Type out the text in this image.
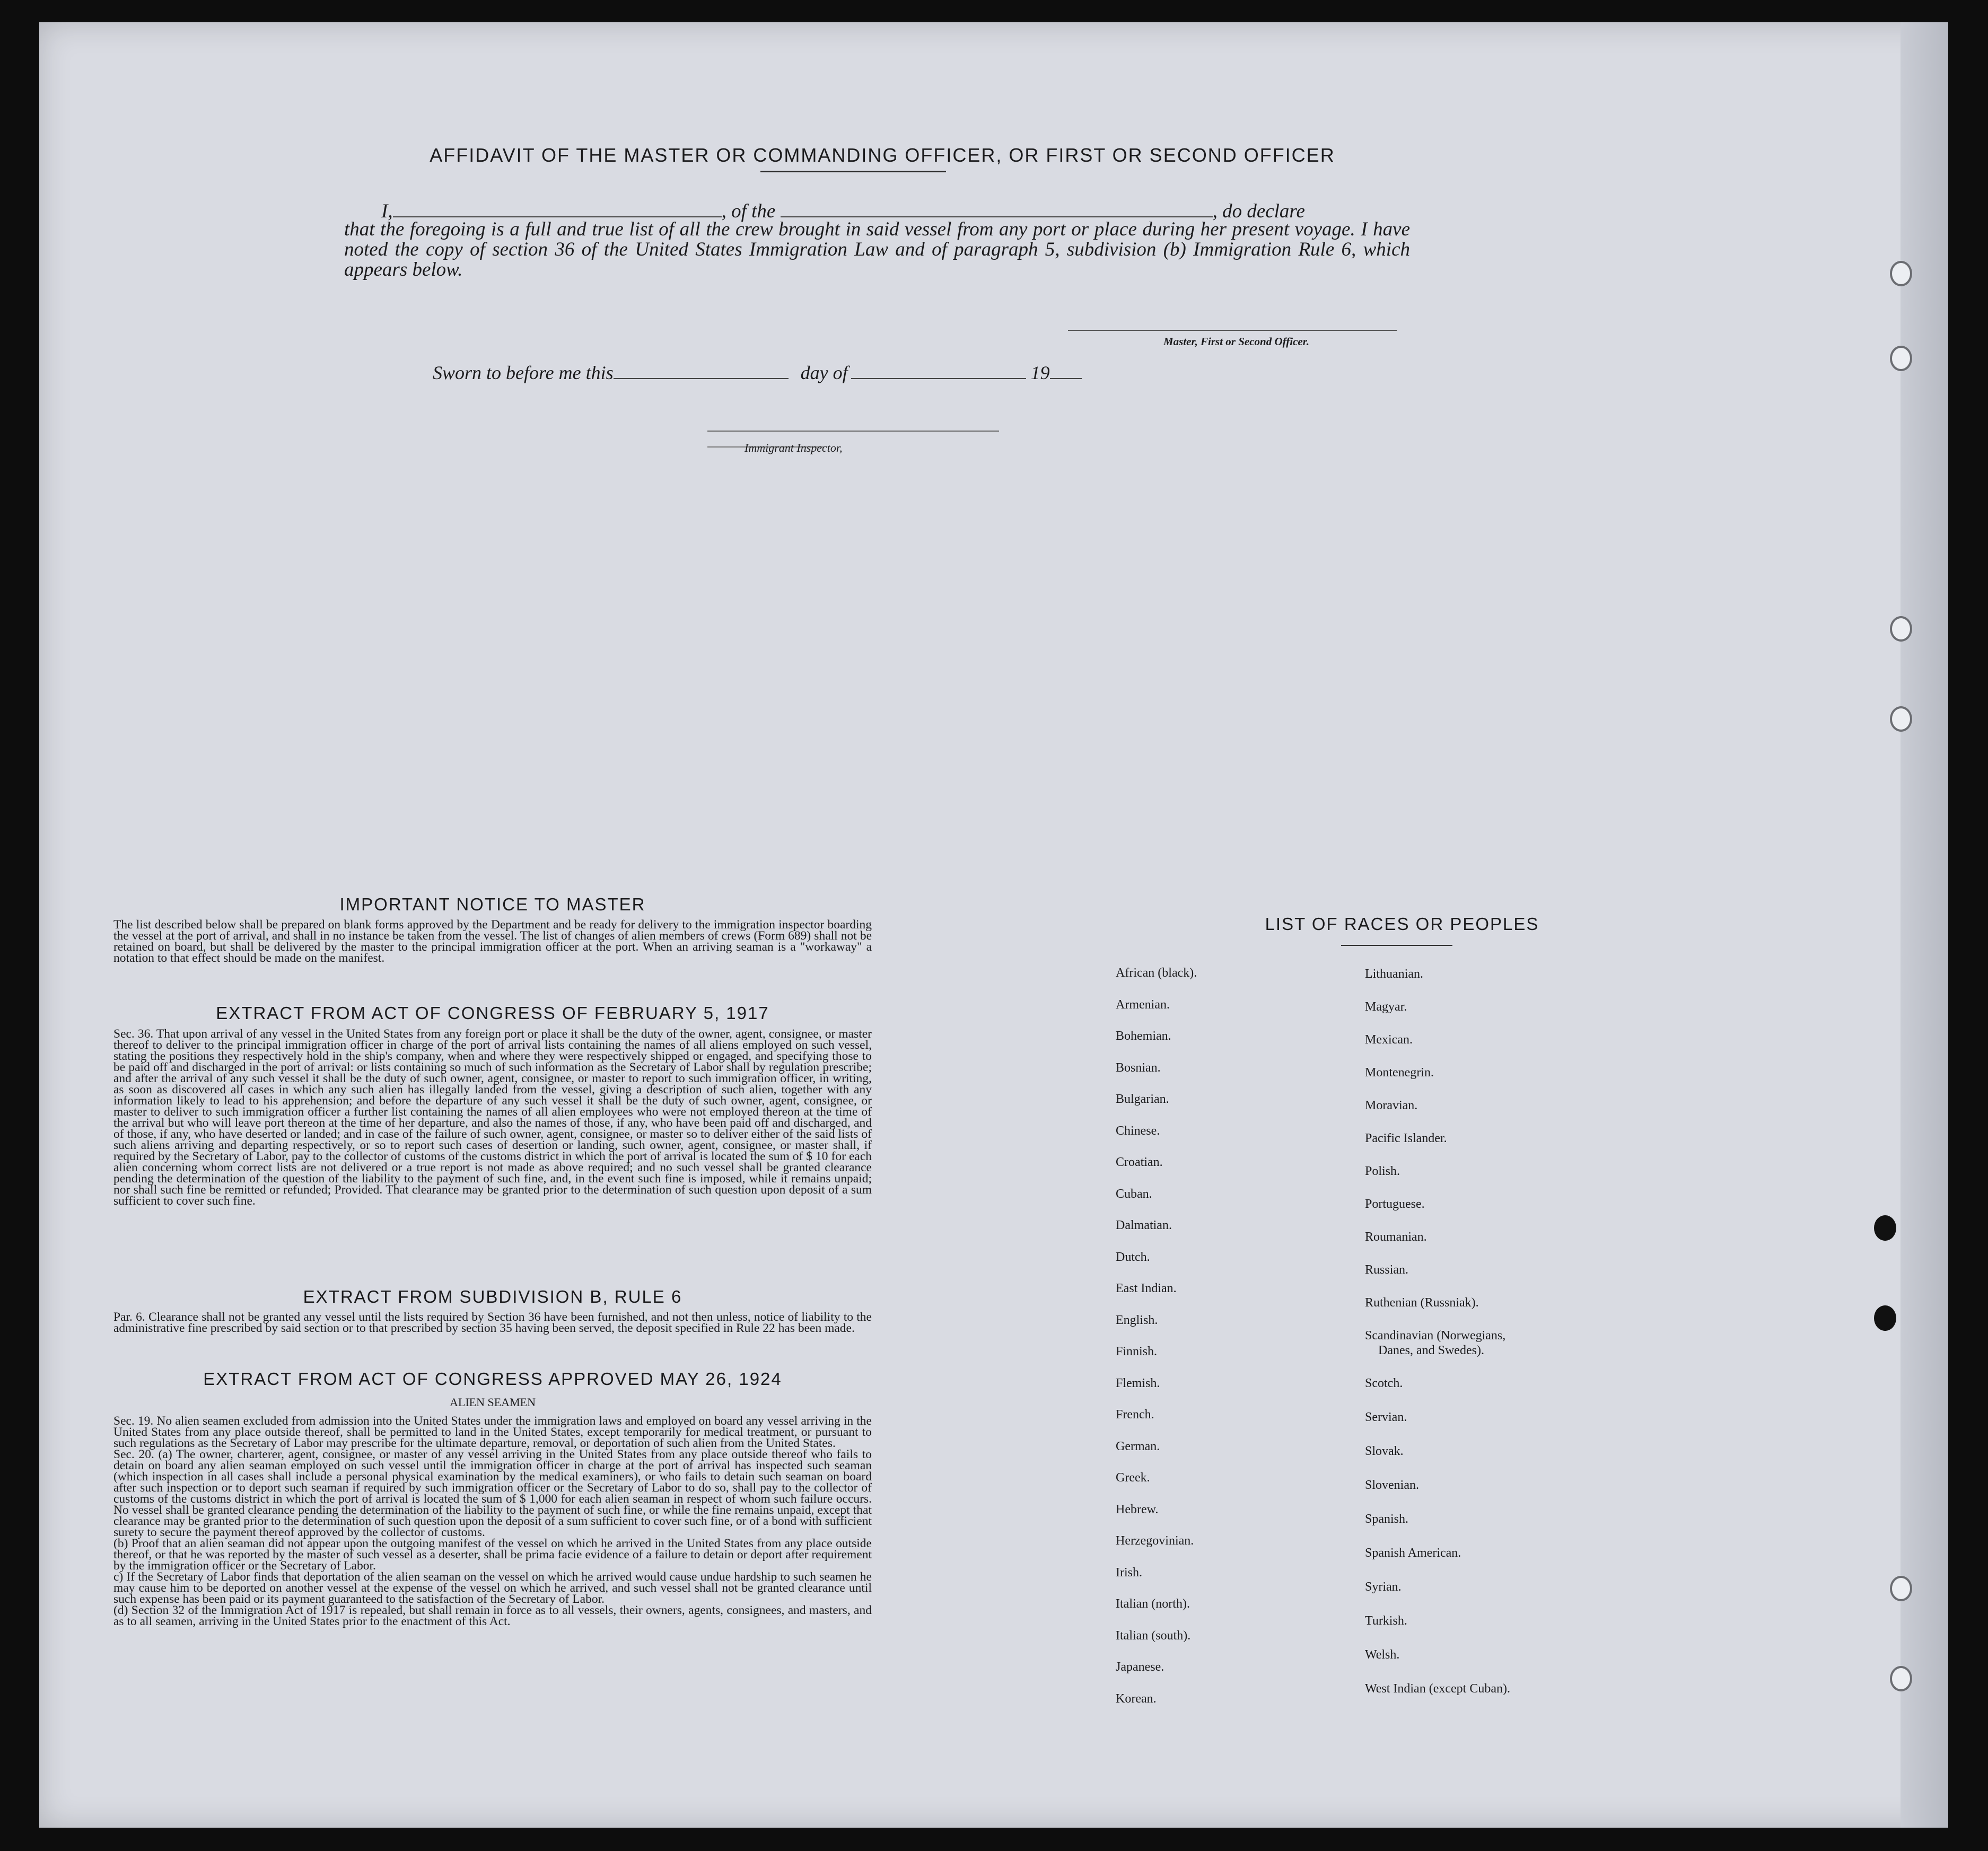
AFFIDAVIT OF THE MASTER OR COMMANDING OFFICER, OR FIRST OR SECOND OFFICER
I,	, of the	, do declare
that the foregoing is a full and true list of all the crew brought in said vessel from any port or place during her present voyage. I have noted the copy of section 36 of the United States Immigration Law and of paragraph 5, subdivision (b) Immigration Rule 6, which appears below.
Master, First or Second Officer.
Sworn to before me this	day of	19
Immigrant Inspector,
IMPORTANT NOTICE TO MASTER
The list described below shall be prepared on blank forms approved by the Department and be ready for delivery to the immigration inspector boarding the vessel at the port of arrival, and shall in no instance be taken from the vessel. The list of changes of alien members of crews (Form 689) shall not be retained on board, but shall be delivered by the master to the principal immigration officer at the port. When an arriving seaman is a "workaway" a notation to that effect should be made on the manifest.
EXTRACT FROM ACT OF CONGRESS OF FEBRUARY 5, 1917
Sec. 36. That upon arrival of any vessel in the United States from any foreign port or place it shall be the duty of the owner, agent, consignee, or master thereof to deliver to the principal immigration officer in charge of the port of arrival lists containing the names of all aliens employed on such vessel, stating the positions they respectively hold in the ship's company, when and where they were respectively shipped or engaged, and specifying those to be paid off and discharged in the port of arrival: or lists containing so much of such information as the Secretary of Labor shall by regulation prescribe; and after the arrival of any such vessel it shall be the duty of such owner, agent, consignee, or master to report to such immigration officer, in writing, as soon as discovered all cases in which any such alien has illegally landed from the vessel, giving a description of such alien, together with any information likely to lead to his apprehension; and before the departure of any such vessel it shall be the duty of such owner, agent, consignee, or master to deliver to such immigration officer a further list containing the names of all alien employees who were not employed thereon at the time of the arrival but who will leave port thereon at the time of her departure, and also the names of those, if any, who have been paid off and discharged, and of those, if any, who have deserted or landed; and in case of the failure of such owner, agent, consignee, or master so to deliver either of the said lists of such aliens arriving and departing respectively, or so to report such cases of desertion or landing, such owner, agent, consignee, or master shall, if required by the Secretary of Labor, pay to the collector of customs of the customs district in which the port of arrival is located the sum of $ 10 for each alien concerning whom correct lists are not delivered or a true report is not made as above required; and no such vessel shall be granted clearance pending the determination of the question of the liability to the payment of such fine, and, in the event such fine is imposed, while it remains unpaid; nor shall such fine be remitted or refunded; Provided. That clearance may be granted prior to the determination of such question upon deposit of a sum sufficient to cover such fine.
EXTRACT FROM SUBDIVISION B, RULE 6
Par. 6. Clearance shall not be granted any vessel until the lists required by Section 36 have been furnished, and not then unless, notice of liability to the administrative fine prescribed by said section or to that prescribed by section 35 having been served, the deposit specified in Rule 22 has been made.
EXTRACT FROM ACT OF CONGRESS APPROVED MAY 26, 1924
ALIEN SEAMEN
Sec. 19. No alien seamen excluded from admission into the United States under the immigration laws and employed on board any vessel arriving in the United States from any place outside thereof, shall be permitted to land in the United States, except temporarily for medical treatment, or pursuant to such regulations as the Secretary of Labor may prescribe for the ultimate departure, removal, or deportation of such alien from the United States.
Sec. 20. (a) The owner, charterer, agent, consignee, or master of any vessel arriving in the United States from any place outside thereof who fails to detain on board any alien seaman employed on such vessel until the immigration officer in charge at the port of arrival has inspected such seaman (which inspection in all cases shall include a personal physical examination by the medical examiners), or who fails to detain such seaman on board after such inspection or to deport such seaman if required by such immigration officer or the Secretary of Labor to do so, shall pay to the collector of customs of the customs district in which the port of arrival is located the sum of $ 1,000 for each alien seaman in respect of whom such failure occurs. No vessel shall be granted clearance pending the determination of the liability to the payment of such fine, or while the fine remains unpaid, except that clearance may be granted prior to the determination of such question upon the deposit of a sum sufficient to cover such fine, or of a bond with sufficient surety to secure the payment thereof approved by the collector of customs.
(b) Proof that an alien seaman did not appear upon the outgoing manifest of the vessel on which he arrived in the United States from any place outside thereof, or that he was reported by the master of such vessel as a deserter, shall be prima facie evidence of a failure to detain or deport after requirement by the immigration officer or the Secretary of Labor.
c) If the Secretary of Labor finds that deportation of the alien seaman on the vessel on which he arrived would cause undue hardship to such seamen he may cause him to be deported on another vessel at the expense of the vessel on which he arrived, and such vessel shall not be granted clearance until such expense has been paid or its payment guaranteed to the satisfaction of the Secretary of Labor.
(d) Section 32 of the Immigration Act of 1917 is repealed, but shall remain in force as to all vessels, their owners, agents, consignees, and masters, and as to all seamen, arriving in the United States prior to the enactment of this Act.
LIST OF RACES OR PEOPLES
African (black).
Armenian.
Bohemian.
Bosnian.
Bulgarian.
Chinese.
Croatian.
Cuban.
Dalmatian.
Dutch.
East Indian.
English.
Finnish.
Flemish.
French.
German.
Greek.
Hebrew.
Herzegovinian.
Irish.
Italian (north).
Italian (south).
Japanese.
Korean.
Lithuanian.
Magyar.
Mexican.
Montenegrin.
Moravian.
Pacific Islander.
Polish.
Portuguese.
Roumanian.
Russian.
Ruthenian (Russniak).
Scandinavian (Norwegians,
Danes, and Swedes).
Scotch.
Servian.
Slovak.
Slovenian.
Spanish.
Spanish American.
Syrian.
Turkish.
Welsh.
West Indian (except Cuban).
